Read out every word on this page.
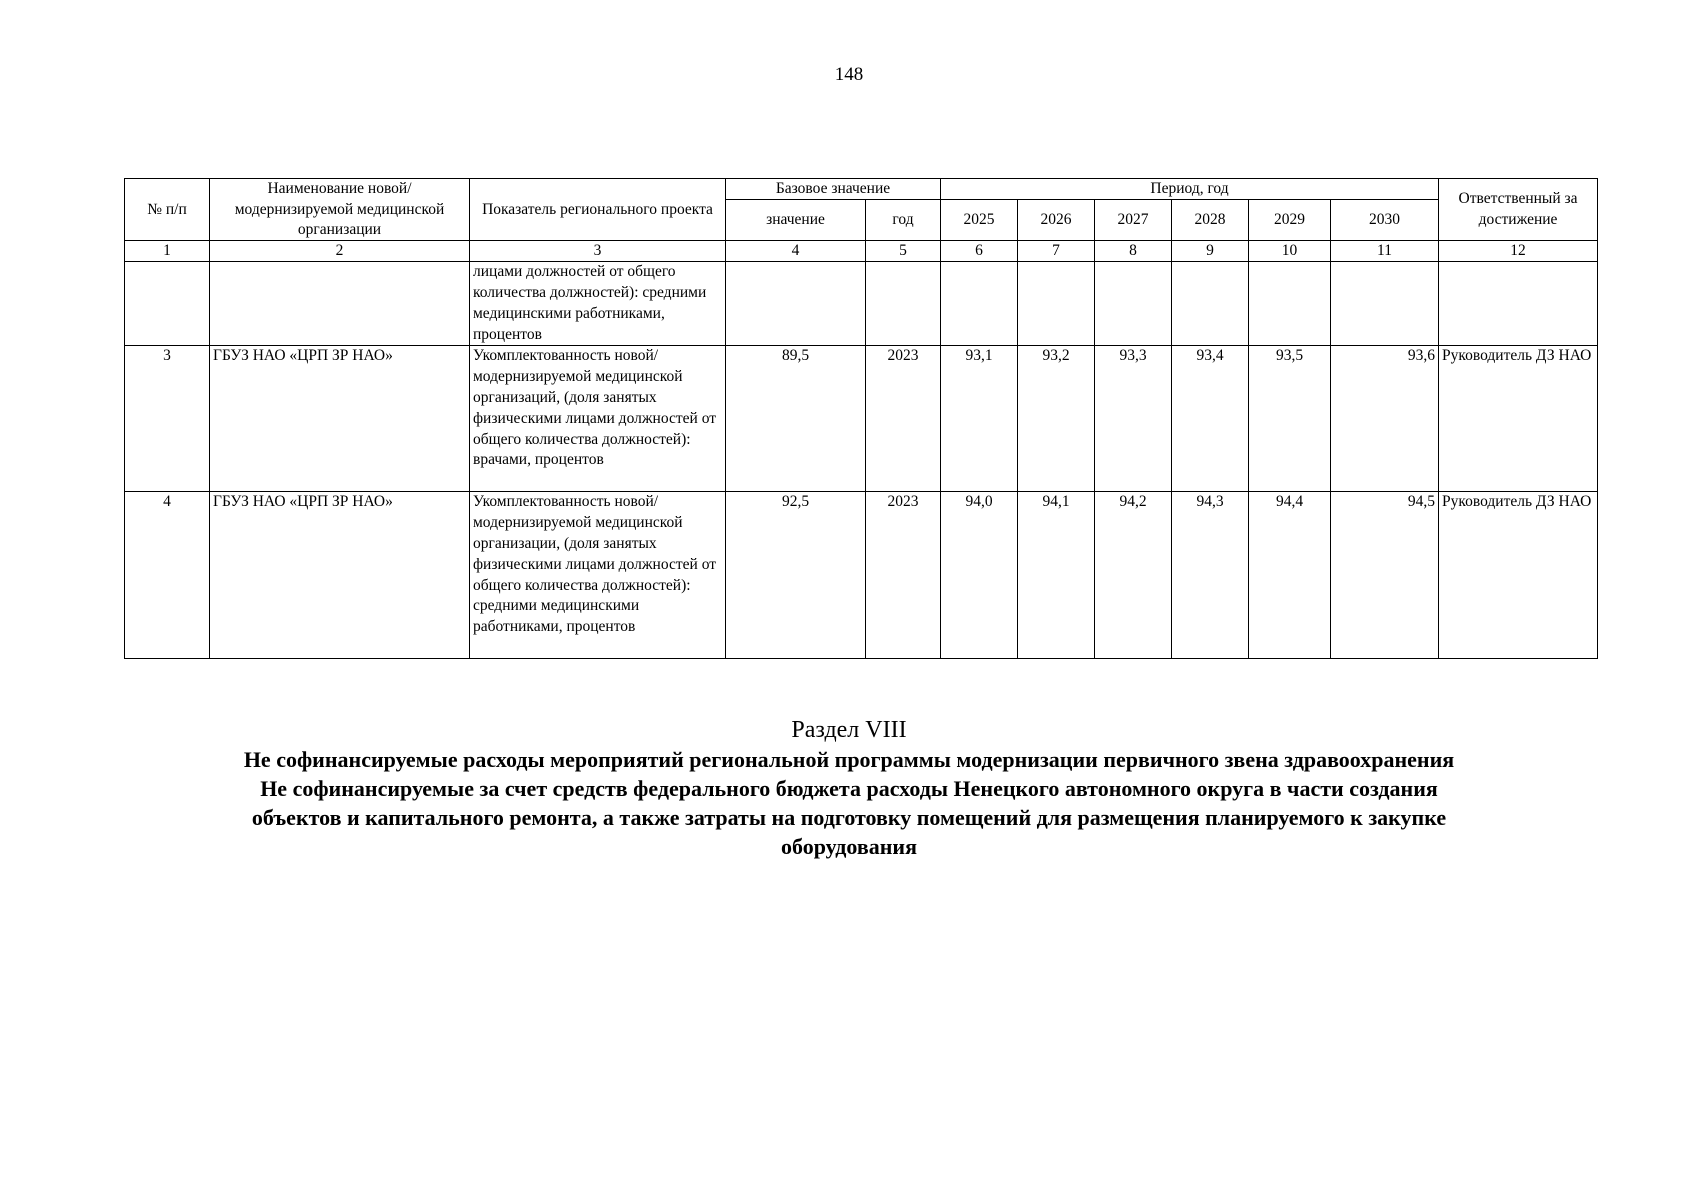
148
№ п/п	Наименование новой/модернизируемой медицинской организации	Показатель регионального проекта	Базовое значение		Период, год						Ответственный за достижение
			значение	год	2025	2026	2027	2028	2029	2030	
1	2	3	4	5	6	7	8	9	10	11	12
		лицами должностей от общего количества должностей): средними медицинскими работниками, процентов									
3	ГБУЗ НАО «ЦРП ЗР НАО»	Укомплектованность новой/модернизируемой медицинской организаций, (доля занятых физическими лицами должностей от общего количества должностей): врачами, процентов	89,5	2023	93,1	93,2	93,3	93,4	93,5	93,6	Руководитель ДЗ НАО
4	ГБУЗ НАО «ЦРП ЗР НАО»	Укомплектованность новой/модернизируемой медицинской организации, (доля занятых физическими лицами должностей от общего количества должностей): средними медицинскими работниками, процентов	92,5	2023	94,0	94,1	94,2	94,3	94,4	94,5	Руководитель ДЗ НАО
Раздел VIII
Не софинансируемые расходы мероприятий региональной программы модернизации первичного звена здравоохранения
Не софинансируемые за счет средств федерального бюджета расходы Ненецкого автономного округа в части создания
объектов и капитального ремонта, а также затраты на подготовку помещений для размещения планируемого к закупке
оборудования
